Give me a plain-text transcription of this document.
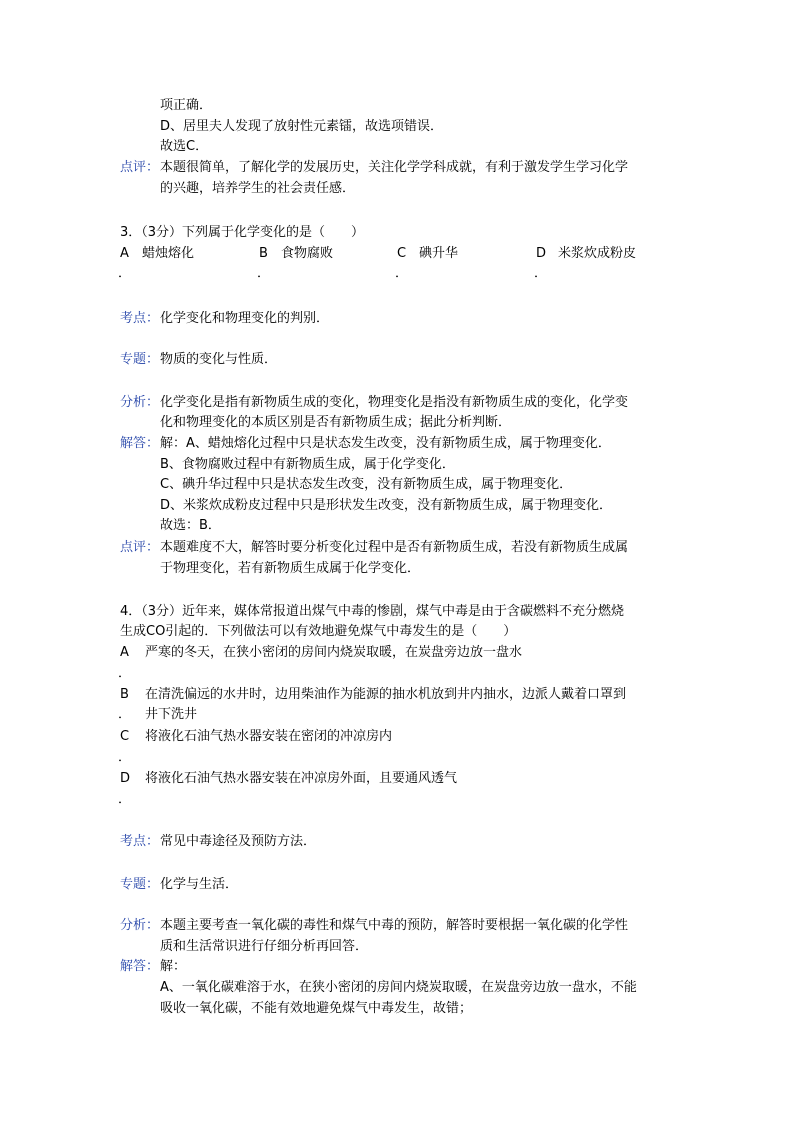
项正确．
D、居里夫人发现了放射性元素镭，故选项错误．
故选C．
点评： 本题很简单，了解化学的发展历史，关注化学学科成就，有利于激发学生学习化学
的兴趣，培养学生的社会责任感．
3．（3分）下列属于化学变化的是（　　）
A 蜡烛熔化	B 食物腐败	C 碘升华	D 米浆炊成粉皮
．	．	．	．
考点： 化学变化和物理变化的判别．
专题： 物质的变化与性质．
分析： 化学变化是指有新物质生成的变化，物理变化是指没有新物质生成的变化，化学变
化和物理变化的本质区别是否有新物质生成；据此分析判断．
解答： 解：A、蜡烛熔化过程中只是状态发生改变，没有新物质生成，属于物理变化．
B、食物腐败过程中有新物质生成，属于化学变化．
C、碘升华过程中只是状态发生改变，没有新物质生成，属于物理变化．
D、米浆炊成粉皮过程中只是形状发生改变，没有新物质生成，属于物理变化．
故选：B．
点评： 本题难度不大，解答时要分析变化过程中是否有新物质生成，若没有新物质生成属
于物理变化，若有新物质生成属于化学变化．
4．（3分）近年来，媒体常报道出煤气中毒的惨剧，煤气中毒是由于含碳燃料不充分燃烧
生成CO引起的．下列做法可以有效地避免煤气中毒发生的是（　　）
A 严寒的冬天，在狭小密闭的房间内烧炭取暖，在炭盘旁边放一盘水
．
B 在清洗偏远的水井时，边用柴油作为能源的抽水机放到井内抽水，边派人戴着口罩到
． 井下洗井
C 将液化石油气热水器安装在密闭的冲凉房内
．
D 将液化石油气热水器安装在冲凉房外面，且要通风透气
．
考点： 常见中毒途径及预防方法．
专题： 化学与生活．
分析： 本题主要考查一氧化碳的毒性和煤气中毒的预防，解答时要根据一氧化碳的化学性
质和生活常识进行仔细分析再回答．
解答： 解：
A、一氧化碳难溶于水，在狭小密闭的房间内烧炭取暖，在炭盘旁边放一盘水，不能
吸收一氧化碳，不能有效地避免煤气中毒发生，故错；
